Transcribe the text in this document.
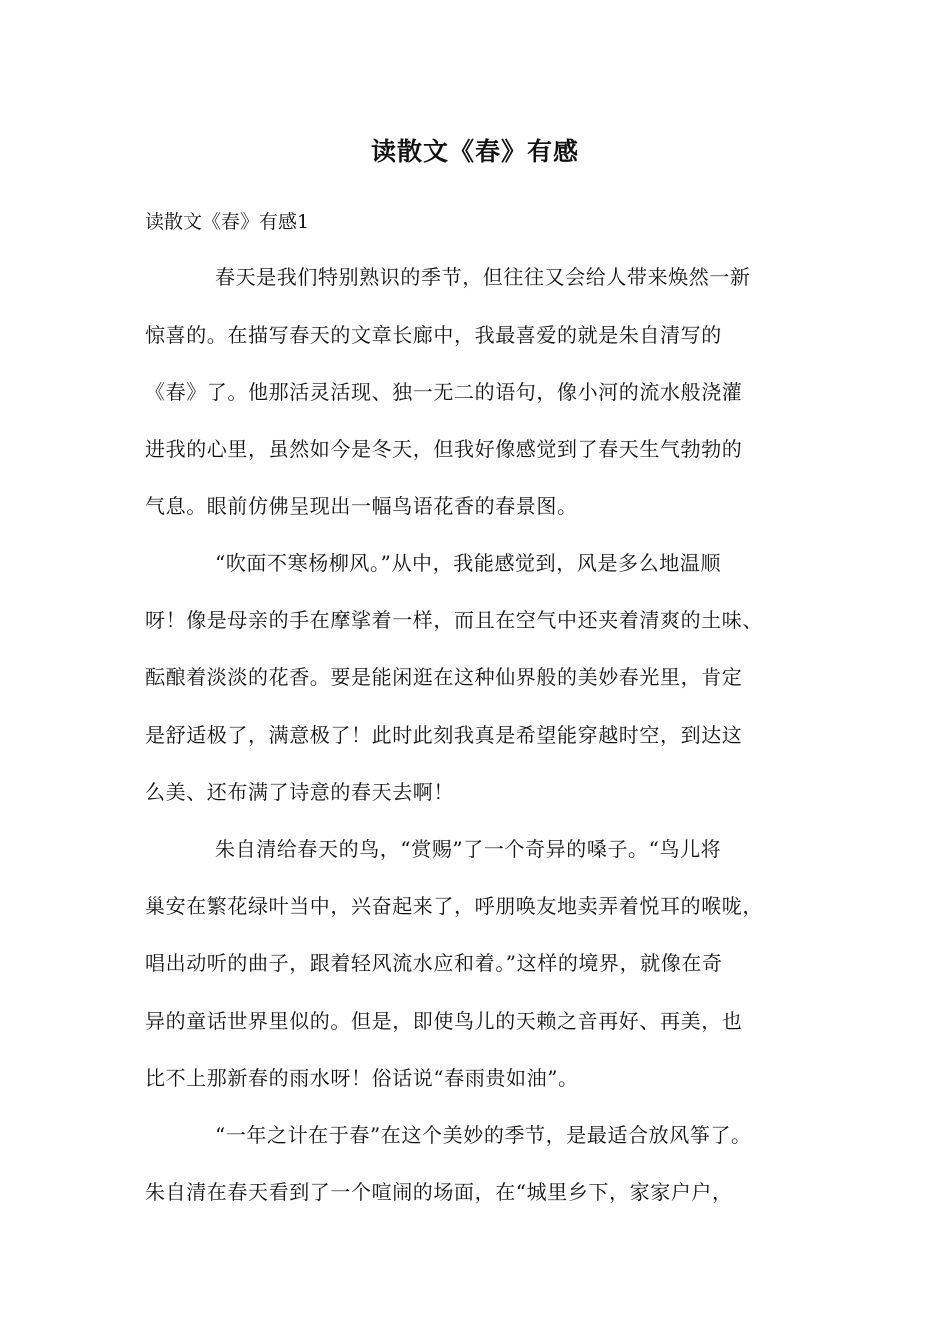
读散文《春》有感
读散文《春》有感1
春天是我们特别熟识的季节，但往往又会给人带来焕然一新
惊喜的。在描写春天的文章长廊中，我最喜爱的就是朱自清写的
《春》了。他那活灵活现、独一无二的语句，像小河的流水般浇灌
进我的心里，虽然如今是冬天，但我好像感觉到了春天生气勃勃的
气息。眼前仿佛呈现出一幅鸟语花香的春景图。
“吹面不寒杨柳风。”从中，我能感觉到，风是多么地温顺
呀！像是母亲的手在摩挲着一样，而且在空气中还夹着清爽的土味、
酝酿着淡淡的花香。要是能闲逛在这种仙界般的美妙春光里，肯定
是舒适极了，满意极了！此时此刻我真是希望能穿越时空，到达这
么美、还布满了诗意的春天去啊！
朱自清给春天的鸟，“赏赐”了一个奇异的嗓子。“鸟儿将
巢安在繁花绿叶当中，兴奋起来了，呼朋唤友地卖弄着悦耳的喉咙，
唱出动听的曲子，跟着轻风流水应和着。”这样的境界，就像在奇
异的童话世界里似的。但是，即使鸟儿的天赖之音再好、再美，也
比不上那新春的雨水呀！俗话说“春雨贵如油”。
“一年之计在于春”在这个美妙的季节，是最适合放风筝了。
朱自清在春天看到了一个喧闹的场面，在“城里乡下，家家户户，
